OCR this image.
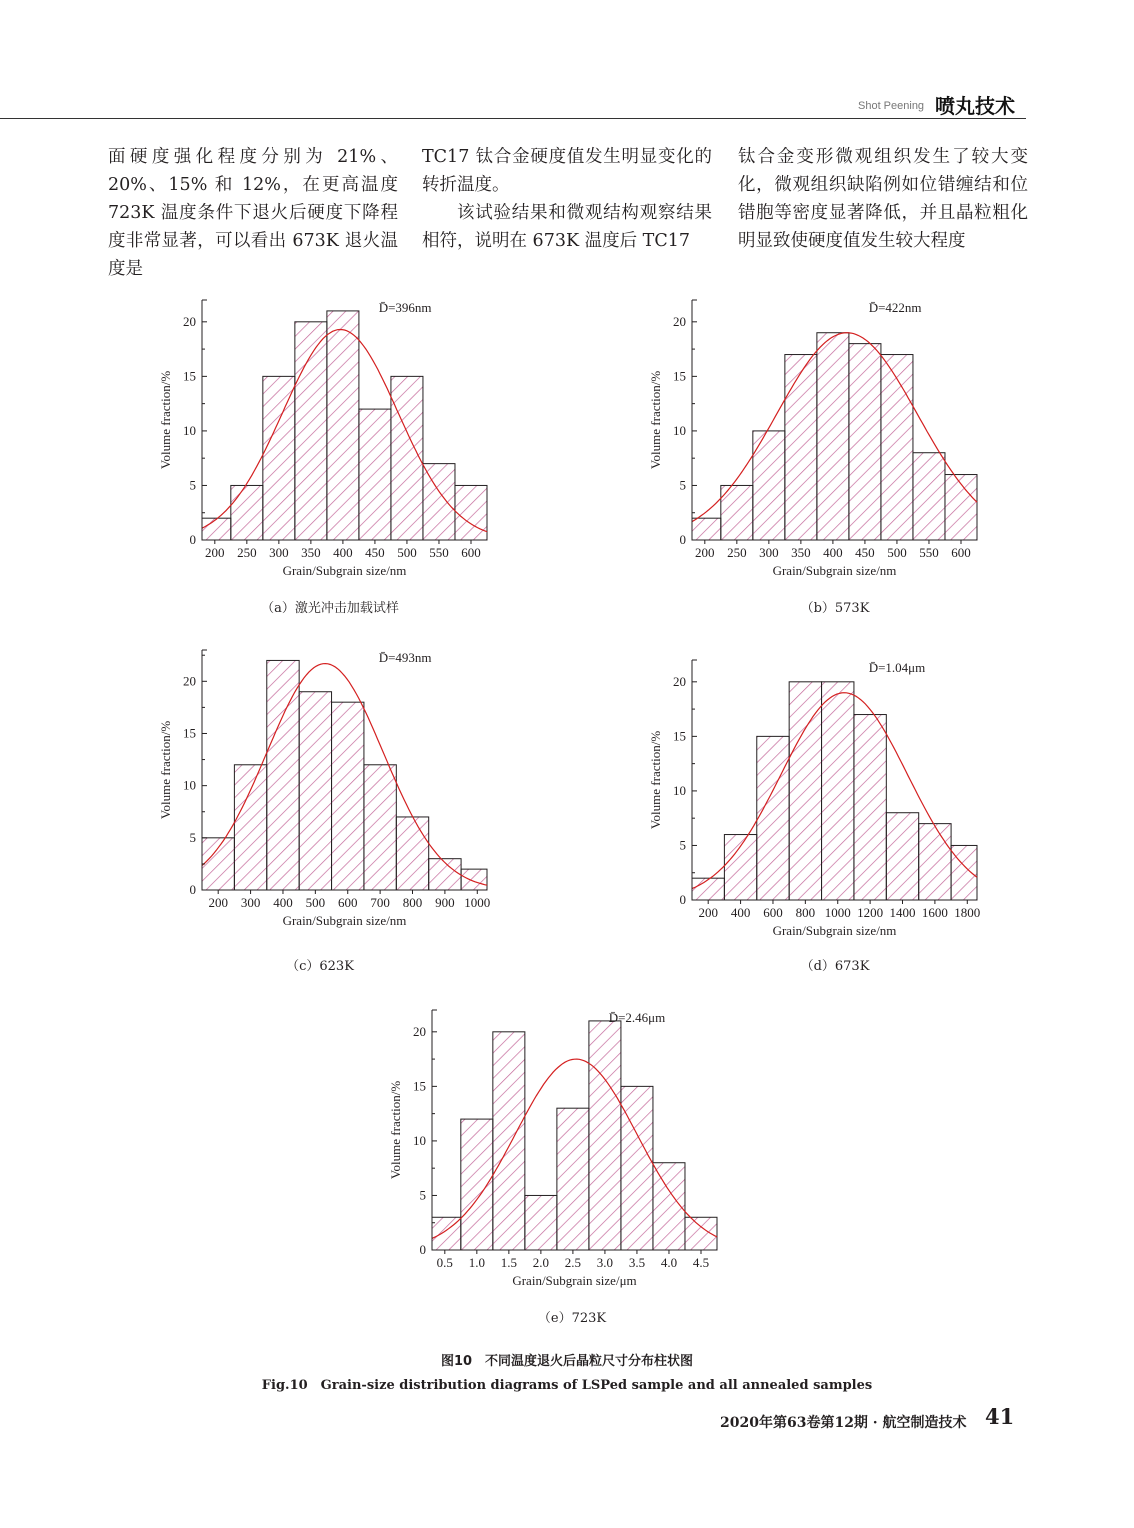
Shot Peening 喷丸技术

面硬度强化程度分别为 21%、20%、15% 和 12%，在更高温度 723K 温度条件下退火后硬度下降程度非常显著，可以看出 673K 退火温度是

TC17 钛合金硬度值发生明显变化的转折温度。

该试验结果和微观结构观察结果相符，说明在 673K 温度后 TC17

钛合金变形微观组织发生了较大变化，微观组织缺陷例如位错缠结和位错胞等密度显著降低，并且晶粒粗化明显致使硬度值发生较大程度

0
5
10
15
20
200 250 300 350 400 450 500 550 600
Grain/Subgrain size/nm
Volume fraction/%
D̄=396nm
0
5
10
15
20
200 250 300 350 400 450 500 550 600
Grain/Subgrain size/nm
Volume fraction/%
D̄=422nm
0
5
10
15
20
200 300 400 500 600 700 800 900 1000
Grain/Subgrain size/nm
Volume fraction/%
D̄=493nm
0
5
10
15
20
200 400 600 800 1000 1200 1400 1600 1800
Grain/Subgrain size/nm
Volume fraction/%
D̄=1.04μm
0
5
10
15
20
0.5 1.0 1.5 2.0 2.5 3.0 3.5 4.0 4.5
Grain/Subgrain size/μm
Volume fraction/%
D̄=2.46μm
（a）激光冲击加载试样	（b）573K
（c）623K	（d）673K
（e）723K
图10　不同温度退火后晶粒尺寸分布柱状图
Fig.10　Grain-size distribution diagrams of LSPed sample and all annealed samples
2020年第63卷第12期 · 航空制造技术 41
